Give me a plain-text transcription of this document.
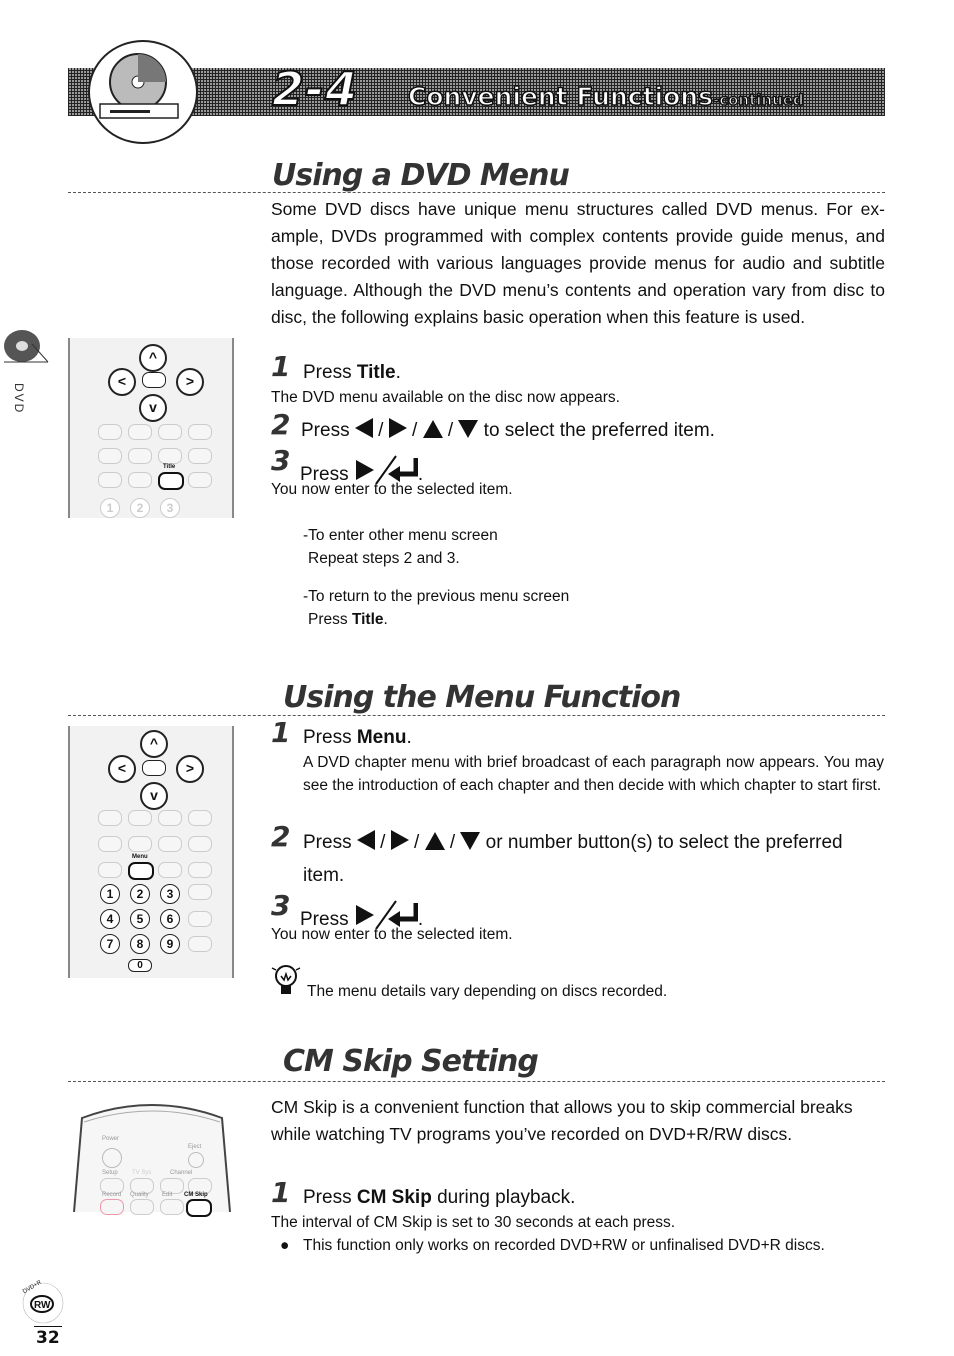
2-4 Convenient Functions-continued
DVD
Using a DVD Menu
Some DVD discs have unique menu structures called DVD menus. For ex-ample, DVDs programmed with complex contents provide guide menus, and those recorded with various languages provide menus for audio and subtitle language. Although the DVD menu’s contents and operation vary from disc to disc, the following explains basic operation when this feature is used.
^
<	>
v
Title
1	2	3
1 Press Title.
The DVD menu available on the disc now appears.
2 Press  /  /  /  to select the preferred item.
3 Press	.
You now enter to the selected item.
-To enter other menu screen
Repeat steps 2 and 3.
-To return to the previous menu screen
Press Title.
Using the Menu Function
^
<	>
v
Menu
1	2	3
4	5	6
7	8	9
0
1 Press Menu.
A DVD chapter menu with brief broadcast of each paragraph now appears. You may see the introduction of each chapter and then decide with which chapter to start first.
2 Press  /  /  /  or number button(s) to select the preferred
item.
3 Press	.
You now enter to the selected item.
The menu details vary depending on discs recorded.
CM Skip Setting
Power
Eject
Setup TV Sys	Channel
Record Quality Edit CM Skip
CM Skip is a convenient function that allows you to skip commercial breaks while watching TV programs you’ve recorded on DVD+R/RW discs.
1 Press CM Skip during playback.
The interval of CM Skip is set to 30 seconds at each press.
● This function only works on recorded DVD+RW or unfinalised DVD+R discs.
RW
DVD+R
32
